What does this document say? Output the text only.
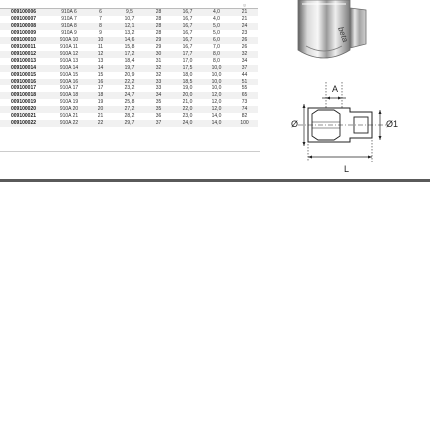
							g
009100006	910A 6	6	9,5	28	16,7	4,0	21
009100007	910A 7	7	10,7	28	16,7	4,0	21
009100008	910A 8	8	12,1	28	16,7	5,0	24
009100009	910A 9	9	13,2	28	16,7	5,0	23
009100010	910A 10	10	14,6	29	16,7	6,0	26
009100011	910A 11	11	15,8	29	16,7	7,0	26
009100012	910A 12	12	17,2	30	17,7	8,0	32
009100013	910A 13	13	18,4	31	17,0	8,0	34
009100014	910A 14	14	19,7	32	17,5	10,0	37
009100015	910A 15	15	20,9	32	18,0	10,0	44
009100016	910A 16	16	22,2	33	18,5	10,0	51
009100017	910A 17	17	23,2	33	19,0	10,0	55
009100018	910A 18	18	24,7	34	20,0	12,0	65
009100019	910A 19	19	25,8	35	21,0	12,0	73
009100020	910A 20	20	27,2	35	22,0	12,0	74
009100021	910A 21	21	28,2	36	23,0	14,0	82
009100022	910A 22	22	29,7	37	24,0	14,0	100
beta
A
Ø	Ø1
L
